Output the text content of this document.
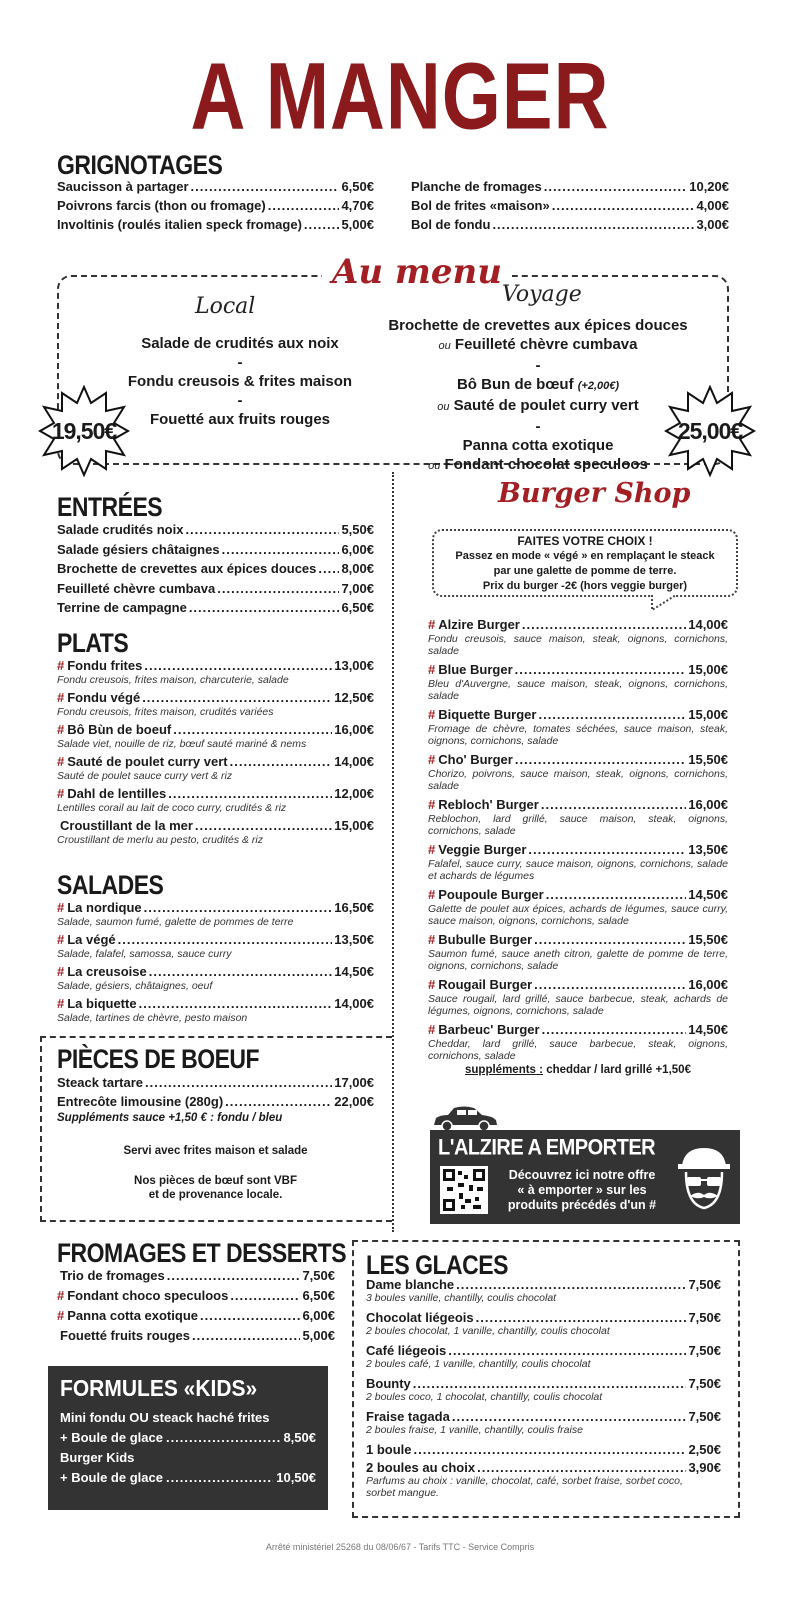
A MANGER
GRIGNOTAGES
Saucisson à partager .....	6,50€
Poivrons farcis (thon ou fromage) .....	4,70€
Involtinis (roulés italien speck fromage) .....	5,00€
Planche de fromages .....	10,20€
Bol de frites «maison» .....	4,00€
Bol de fondu .....	3,00€
Au menu
Local
Salade de crudités aux noix
-
Fondu creusois & frites maison
-
Fouetté aux fruits rouges
Voyage
Brochette de crevettes aux épices douces
ou Feuilleté chèvre cumbava
-
Bô Bun de bœuf (+2,00€)
ou Sauté de poulet curry vert
-
Panna cotta exotique
ou Fondant chocolat speculoos
19,50€	25,00€
ENTRÉES
Salade crudités noix .....	5,50€
Salade gésiers châtaignes .....	6,00€
Brochette de crevettes aux épices douces ..... 8,00€
Feuilleté chèvre cumbava .....	7,00€
Terrine de campagne .....	6,50€
PLATS
# Fondu frites .....	13,00€
Fondu creusois, frites maison, charcuterie, salade
# Fondu végé .....	12,50€
Fondu creusois, frites maison, crudités variées
# Bô Bùn de boeuf .....	16,00€
Salade viet, nouille de riz, bœuf sauté mariné & nems
# Sauté de poulet curry vert .....	14,00€
Sauté de poulet sauce curry vert & riz
# Dahl de lentilles .....	12,00€
Lentilles corail au lait de coco curry, crudités & riz
Croustillant de la mer .....	15,00€
Croustillant de merlu au pesto, crudités & riz
SALADES
# La nordique .....	16,50€
Salade, saumon fumé, galette de pommes de terre
# La végé .....	13,50€
Salade, falafel, samossa, sauce curry
# La creusoise .....	14,50€
Salade, gésiers, châtaignes, oeuf
# La biquette .....	14,00€
Salade, tartines de chèvre, pesto maison
PIÈCES DE BOEUF
Steack tartare .....	17,00€
Entrecôte limousine (280g) .....	22,00€
Suppléments sauce +1,50 € : fondu / bleu
Servi avec frites maison et salade
Nos pièces de bœuf sont VBF
et de provenance locale.
Burger Shop
FAITES VOTRE CHOIX !
Passez en mode « végé » en remplaçant le steack
par une galette de pomme de terre.
Prix du burger -2€ (hors veggie burger)
# Alzire Burger .....	14,00€
Fondu creusois, sauce maison, steak, oignons, cornichons, salade
# Blue Burger .....	15,00€
Bleu d'Auvergne, sauce maison, steak, oignons, cornichons, salade
# Biquette Burger .....	15,00€
Fromage de chèvre, tomates séchées, sauce maison, steak, oignons, cornichons, salade
# Cho' Burger .....	15,50€
Chorizo, poivrons, sauce maison, steak, oignons, cornichons, salade
# Rebloch' Burger .....	16,00€
Reblochon, lard grillé, sauce maison, steak, oignons, cornichons, salade
# Veggie Burger .....	13,50€
Falafel, sauce curry, sauce maison, oignons, cornichons, salade et achards de légumes
# Poupoule Burger .....	14,50€
Galette de poulet aux épices, achards de légumes, sauce curry, sauce maison, oignons, cornichons, salade
# Bubulle Burger .....	15,50€
Saumon fumé, sauce aneth citron, galette de pomme de terre, oignons, cornichons, salade
# Rougail Burger .....	16,00€
Sauce rougail, lard grillé, sauce barbecue, steak, achards de légumes, oignons, cornichons, salade
# Barbeuc' Burger .....	14,50€
Cheddar, lard grillé, sauce barbecue, steak, oignons, cornichons, salade
suppléments : cheddar / lard grillé +1,50€
L'ALZIRE A EMPORTER
Découvrez ici notre offre
« à emporter » sur les
produits précédés d'un #
FROMAGES ET DESSERTS
Trio de fromages .....	7,50€
# Fondant choco speculoos .....	6,50€
# Panna cotta exotique .....	6,00€
Fouetté fruits rouges .....	5,00€
FORMULES «KIDS»
Mini fondu OU steack haché frites
+ Boule de glace .....	8,50€
Burger Kids
+ Boule de glace .....	10,50€
LES GLACES
Dame blanche .....	7,50€
3 boules vanille, chantilly, coulis chocolat
Chocolat liégeois .....	7,50€
2 boules chocolat, 1 vanille, chantilly, coulis chocolat
Café liégeois .....	7,50€
2 boules café, 1 vanille, chantilly, coulis chocolat
Bounty .....	7,50€
2 boules coco, 1 chocolat, chantilly, coulis chocolat
Fraise tagada .....	7,50€
2 boules fraise, 1 vanille, chantilly, coulis fraise
1 boule .....	2,50€
2 boules au choix .....	3,90€
Parfums au choix : vanille, chocolat, café, sorbet fraise, sorbet coco, sorbet mangue.
Arrêté ministériel 25268 du 08/06/67 - Tarifs TTC - Service Compris
